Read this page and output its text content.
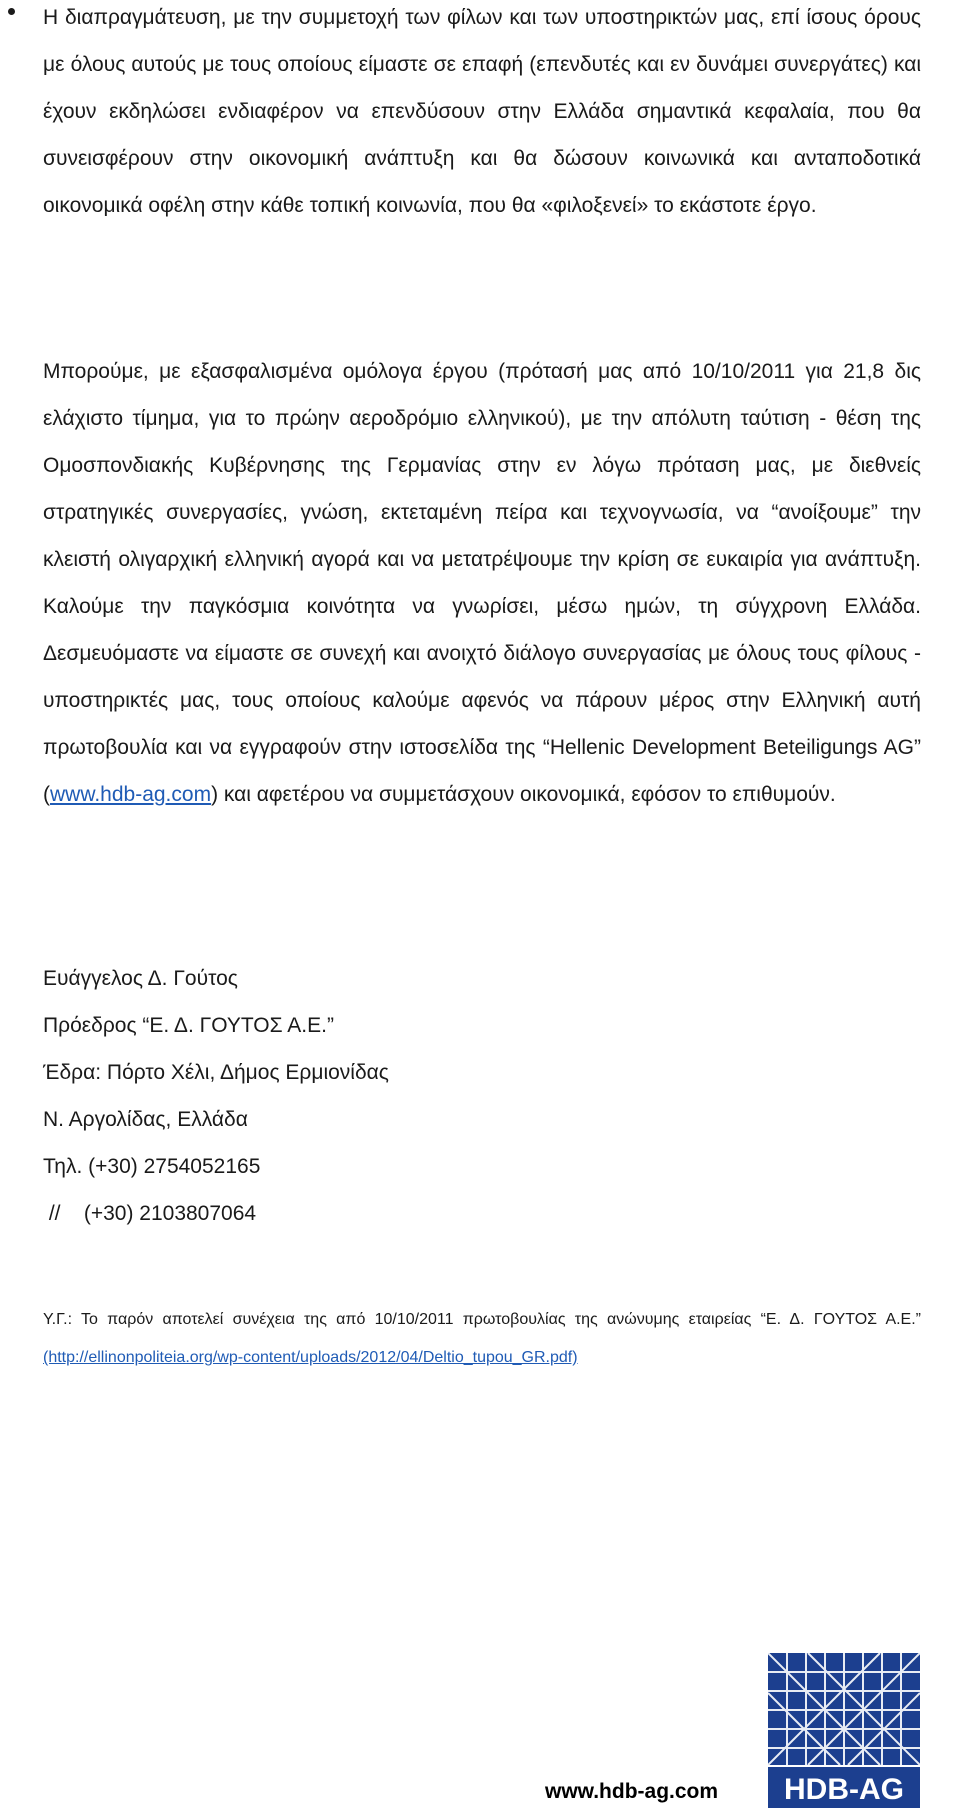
Η διαπραγμάτευση, με την συμμετοχή των φίλων και των υποστηρικτών μας, επί ίσους όρους με όλους αυτούς με τους οποίους είμαστε σε επαφή (επενδυτές και εν δυνάμει συνεργάτες) και έχουν εκδηλώσει ενδιαφέρον να επενδύσουν στην Ελλάδα σημαντικά κεφαλαία, που θα συνεισφέρουν στην οικονομική ανάπτυξη και θα δώσουν κοινωνικά και ανταποδοτικά οικονομικά οφέλη στην κάθε τοπική κοινωνία, που θα «φιλοξενεί» το εκάστοτε έργο.

Μπορούμε, με εξασφαλισμένα ομόλογα έργου (πρότασή μας από 10/10/2011 για 21,8 δις ελάχιστο τίμημα, για το πρώην αεροδρόμιο ελληνικού), με την απόλυτη ταύτιση - θέση της Ομοσπονδιακής Κυβέρνησης της Γερμανίας στην εν λόγω πρόταση μας, με διεθνείς στρατηγικές συνεργασίες, γνώση, εκτεταμένη πείρα και τεχνογνωσία, να “ανοίξουμε” την κλειστή ολιγαρχική ελληνική αγορά και να μετατρέψουμε την κρίση σε ευκαιρία για ανάπτυξη. Καλούμε την παγκόσμια κοινότητα να γνωρίσει, μέσω ημών, τη σύγχρονη Ελλάδα. Δεσμευόμαστε να είμαστε σε συνεχή και ανοιχτό διάλογο συνεργασίας με όλους τους φίλους - υποστηρικτές μας, τους οποίους καλούμε αφενός να πάρουν μέρος στην Ελληνική αυτή πρωτοβουλία και να εγγραφούν στην ιστοσελίδα της “Hellenic Development Beteiligungs AG” (www.hdb-ag.com) και αφετέρου να συμμετάσχουν οικονομικά, εφόσον το επιθυμούν.

Ευάγγελος Δ. Γούτος
Πρόεδρος “Ε. Δ. ΓΟΥΤΟΣ Α.Ε.”
Έδρα: Πόρτο Χέλι, Δήμος Ερμιονίδας
Ν. Αργολίδας, Ελλάδα
Τηλ. (+30) 2754052165
//    (+30) 2103807064

Υ.Γ.: Το παρόν αποτελεί συνέχεια της από 10/10/2011 πρωτοβουλίας της ανώνυμης εταιρείας “Ε. Δ. ΓΟΥΤΟΣ Α.Ε.” (http://ellinonpoliteia.org/wp-content/uploads/2012/04/Deltio_tupou_GR.pdf)

www.hdb-ag.com HDB-AG
